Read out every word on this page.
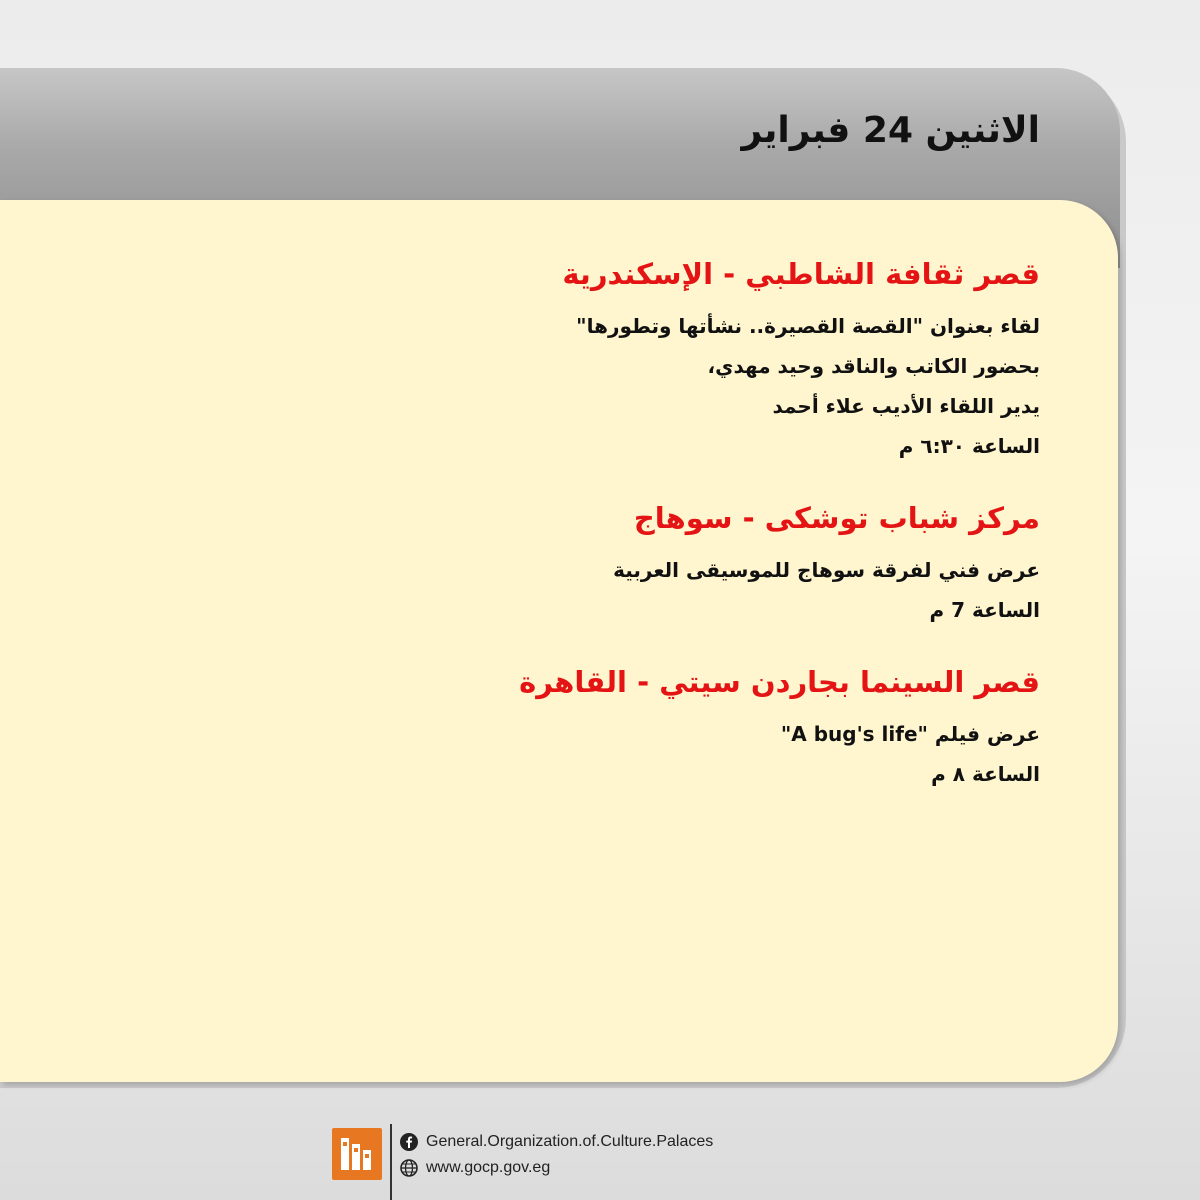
الاثنين 24 فبراير

قصر ثقافة الشاطبي - الإسكندرية

لقاء بعنوان "القصة القصيرة.. نشأتها وتطورها"

بحضور الكاتب والناقد وحيد مهدي،

يدير اللقاء الأديب علاء أحمد

الساعة ٦:٣٠ م

مركز شباب توشكى - سوهاج

عرض فني لفرقة سوهاج للموسيقى العربية

الساعة 7 م

قصر السينما بجاردن سيتي - القاهرة

عرض فيلم "A bug's life"

الساعة ٨ م

General.Organization.of.Culture.Palaces
www.gocp.gov.eg
